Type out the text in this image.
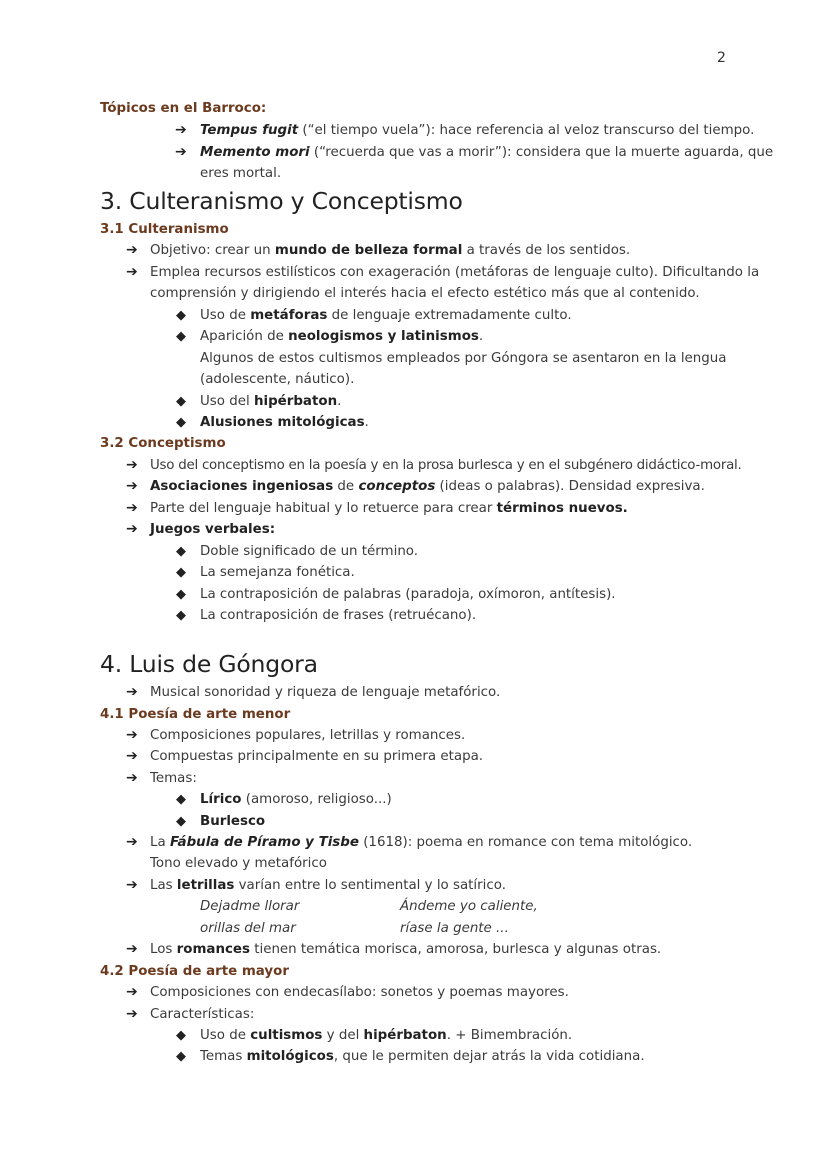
2
Tópicos en el Barroco:
➔ Tempus fugit (“el tiempo vuela”): hace referencia al veloz transcurso del tiempo.
➔ Memento mori (“recuerda que vas a morir”): considera que la muerte aguarda, que
eres mortal.
3. Culteranismo y Conceptismo
3.1 Culteranismo
➔ Objetivo: crear un mundo de belleza formal a través de los sentidos.
➔ Emplea recursos estilísticos con exageración (metáforas de lenguaje culto). Dificultando la
comprensión y dirigiendo el interés hacia el efecto estético más que al contenido.
◆ Uso de metáforas de lenguaje extremadamente culto.
◆ Aparición de neologismos y latinismos.
Algunos de estos cultismos empleados por Góngora se asentaron en la lengua
(adolescente, náutico).
◆ Uso del hipérbaton.
◆ Alusiones mitológicas.
3.2 Conceptismo
➔ Uso del conceptismo en la poesía y en la prosa burlesca y en el subgénero didáctico-moral.
➔ Asociaciones ingeniosas de conceptos (ideas o palabras). Densidad expresiva.
➔ Parte del lenguaje habitual y lo retuerce para crear términos nuevos.
➔ Juegos verbales:
◆ Doble significado de un término.
◆ La semejanza fonética.
◆ La contraposición de palabras (paradoja, oxímoron, antítesis).
◆ La contraposición de frases (retruécano).
4. Luis de Góngora
➔ Musical sonoridad y riqueza de lenguaje metafórico.
4.1 Poesía de arte menor
➔ Composiciones populares, letrillas y romances.
➔ Compuestas principalmente en su primera etapa.
➔ Temas:
◆ Lírico (amoroso, religioso...)
◆ Burlesco
➔ La Fábula de Píramo y Tisbe (1618): poema en romance con tema mitológico.
Tono elevado y metafórico
➔ Las letrillas varían entre lo sentimental y lo satírico.
Dejadme llorar	Ándeme yo caliente,
orillas del mar	ríase la gente ...
➔ Los romances tienen temática morisca, amorosa, burlesca y algunas otras.
4.2 Poesía de arte mayor
➔ Composiciones con endecasílabo: sonetos y poemas mayores.
➔ Características:
◆ Uso de cultismos y del hipérbaton. + Bimembración.
◆ Temas mitológicos, que le permiten dejar atrás la vida cotidiana.
